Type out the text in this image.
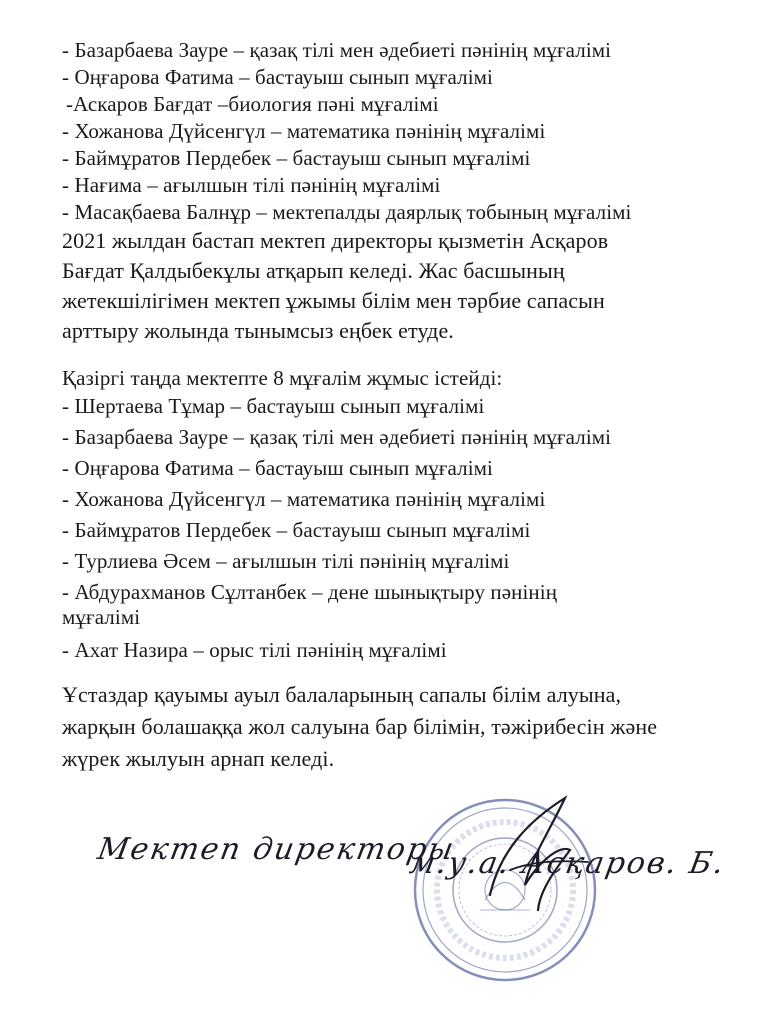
- Базарбаева Зауре – қазақ тілі мен әдебиеті пәнінің мұғалімі
- Оңғарова Фатима – бастауыш сынып мұғалімі
-Аскаров Бағдат –биология пәні мұғалімі
- Хожанова Дүйсенгүл – математика пәнінің мұғалімі
- Баймұратов Пердебек – бастауыш сынып мұғалімі
- Нағима – ағылшын тілі пәнінің мұғалімі
- Масақбаева Балнұр – мектепалды даярлық тобының мұғалімі
2021 жылдан бастап мектеп директоры қызметін Асқаров
Бағдат Қалдыбекұлы атқарып келеді. Жас басшының
жетекшілігімен мектеп ұжымы білім мен тәрбие сапасын
арттыру жолында тынымсыз еңбек етуде.
Қазіргі таңда мектепте 8 мұғалім жұмыс істейді:
- Шертаева Тұмар – бастауыш сынып мұғалімі
- Базарбаева Зауре – қазақ тілі мен әдебиеті пәнінің мұғалімі
- Оңғарова Фатима – бастауыш сынып мұғалімі
- Хожанова Дүйсенгүл – математика пәнінің мұғалімі
- Баймұратов Пердебек – бастауыш сынып мұғалімі
- Турлиева Әсем – ағылшын тілі пәнінің мұғалімі
- Абдурахманов Сұлтанбек – дене шынықтыру пәнінің
мұғалімі
- Ахат Назира – орыс тілі пәнінің мұғалімі
Ұстаздар қауымы ауыл балаларының сапалы білім алуына,
жарқын болашаққа жол салуына бар білімін, тәжірибесін және
жүрек жылуын арнап келеді.
Мектеп директоры
м.у.а. Асқаров. Б.
